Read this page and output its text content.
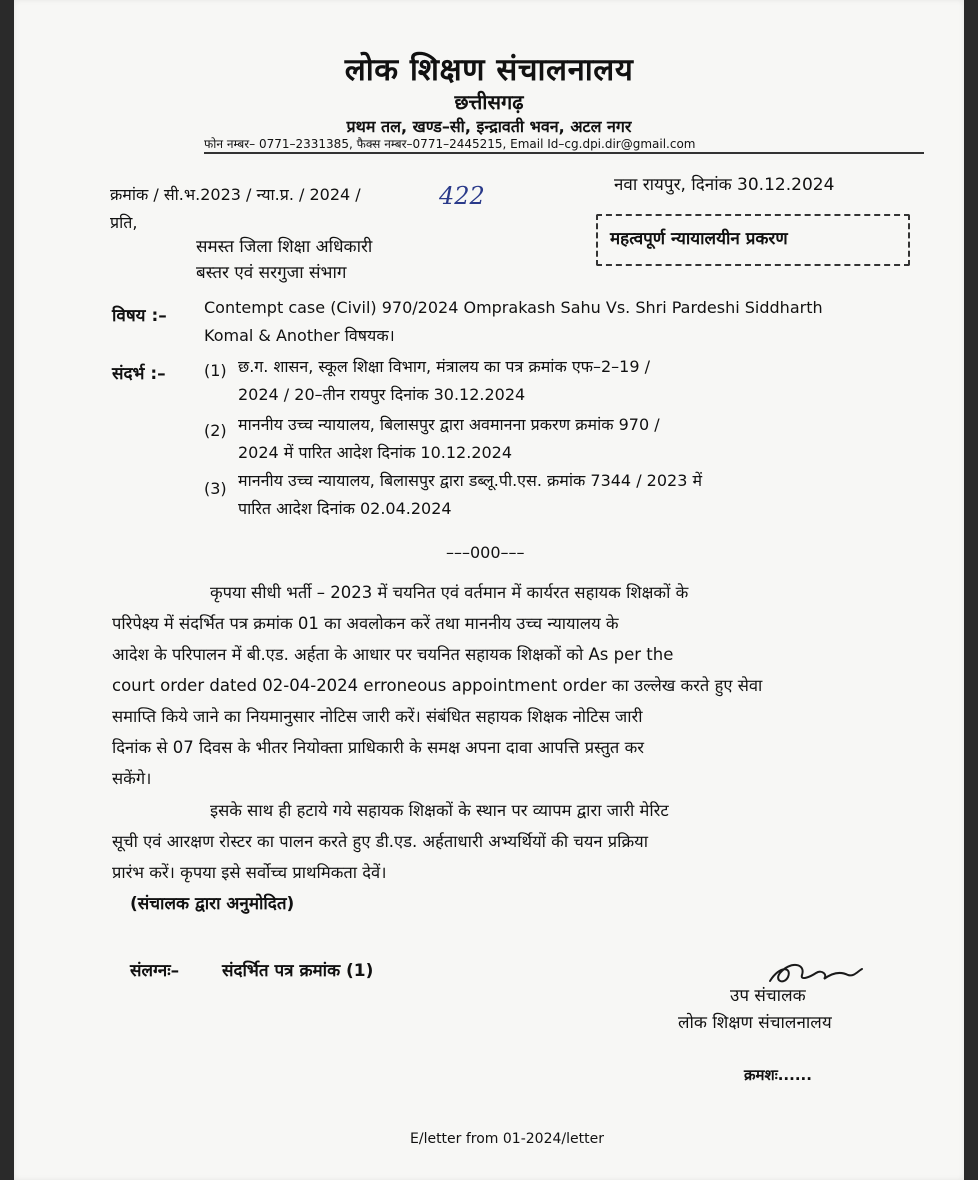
लोक शिक्षण संचालनालय
छत्तीसगढ़
प्रथम तल, खण्ड–सी, इन्द्रावती भवन, अटल नगर
फोन नम्बर– 0771–2331385, फैक्स नम्बर–0771–2445215, Email Id–cg.dpi.dir@gmail.com
क्रमांक / सी.भ.2023 / न्या.प्र. / 2024 /	422	नवा रायपुर, दिनांक 30.12.2024
प्रति,
समस्त जिला शिक्षा अधिकारी
बस्तर एवं सरगुजा संभाग
महत्वपूर्ण न्यायालयीन प्रकरण
विषय :– Contempt case (Civil) 970/2024 Omprakash Sahu Vs. Shri Pardeshi Siddharth
Komal & Another विषयक।
संदर्भ :– (1) छ.ग. शासन, स्कूल शिक्षा विभाग, मंत्रालय का पत्र क्रमांक एफ–2–19 /
2024 / 20–तीन रायपुर दिनांक 30.12.2024
(2) माननीय उच्च न्यायालय, बिलासपुर द्वारा अवमानना प्रकरण क्रमांक 970 /
2024 में पारित आदेश दिनांक 10.12.2024
(3) माननीय उच्च न्यायालय, बिलासपुर द्वारा डब्लू.पी.एस. क्रमांक 7344 / 2023 में
पारित आदेश दिनांक 02.04.2024
–––000–––
कृपया सीधी भर्ती – 2023 में चयनित एवं वर्तमान में कार्यरत सहायक शिक्षकों के
परिपेक्ष्य में संदर्भित पत्र क्रमांक 01 का अवलोकन करें तथा माननीय उच्च न्यायालय के
आदेश के परिपालन में बी.एड. अर्हता के आधार पर चयनित सहायक शिक्षकों को As per the
court order dated 02-04-2024 erroneous appointment order का उल्लेख करते हुए सेवा
समाप्ति किये जाने का नियमानुसार नोटिस जारी करें। संबंधित सहायक शिक्षक नोटिस जारी
दिनांक से 07 दिवस के भीतर नियोक्ता प्राधिकारी के समक्ष अपना दावा आपत्ति प्रस्तुत कर
सकेंगे।
इसके साथ ही हटाये गये सहायक शिक्षकों के स्थान पर व्यापम द्वारा जारी मेरिट
सूची एवं आरक्षण रोस्टर का पालन करते हुए डी.एड. अर्हताधारी अभ्यर्थियों की चयन प्रक्रिया
प्रारंभ करें। कृपया इसे सर्वोच्च प्राथमिकता देवें।
(संचालक द्वारा अनुमोदित)
संलग्नः–	संदर्भित पत्र क्रमांक (1)
उप संचालक
लोक शिक्षण संचालनालय
क्रमशः......
E/letter from 01-2024/letter
